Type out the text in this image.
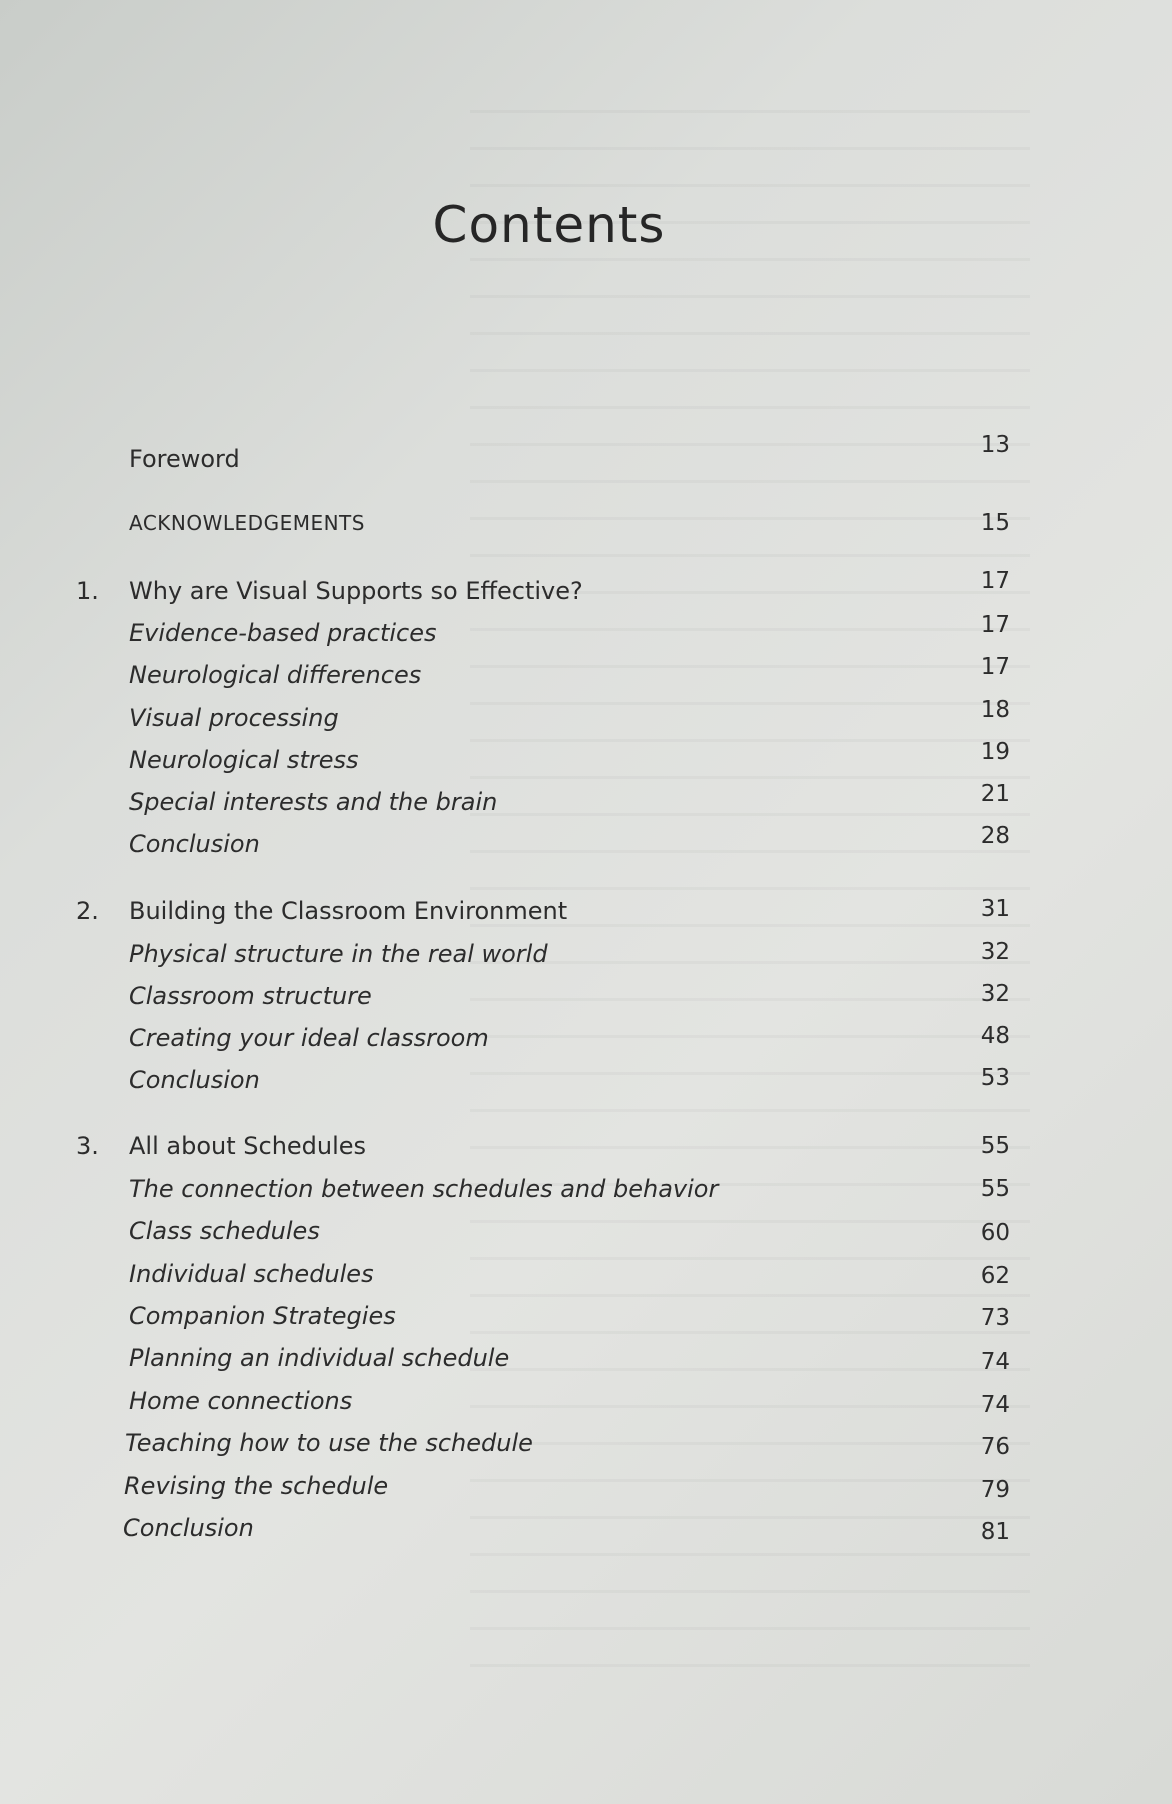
Contents
Foreword	13
ACKNOWLEDGEMENTS	15
1. Why are Visual Supports so Effective?	17
Evidence-based practices	17
Neurological differences	17
Visual processing	18
Neurological stress	19
Special interests and the brain	21
Conclusion	28
2. Building the Classroom Environment	31
Physical structure in the real world	32
Classroom structure	32
Creating your ideal classroom	48
Conclusion	53
3. All about Schedules	55
The connection between schedules and behavior	55
Class schedules	60
Individual schedules	62
Companion Strategies	73
Planning an individual schedule	74
Home connections	74
Teaching how to use the schedule	76
Revising the schedule	79
Conclusion	81
